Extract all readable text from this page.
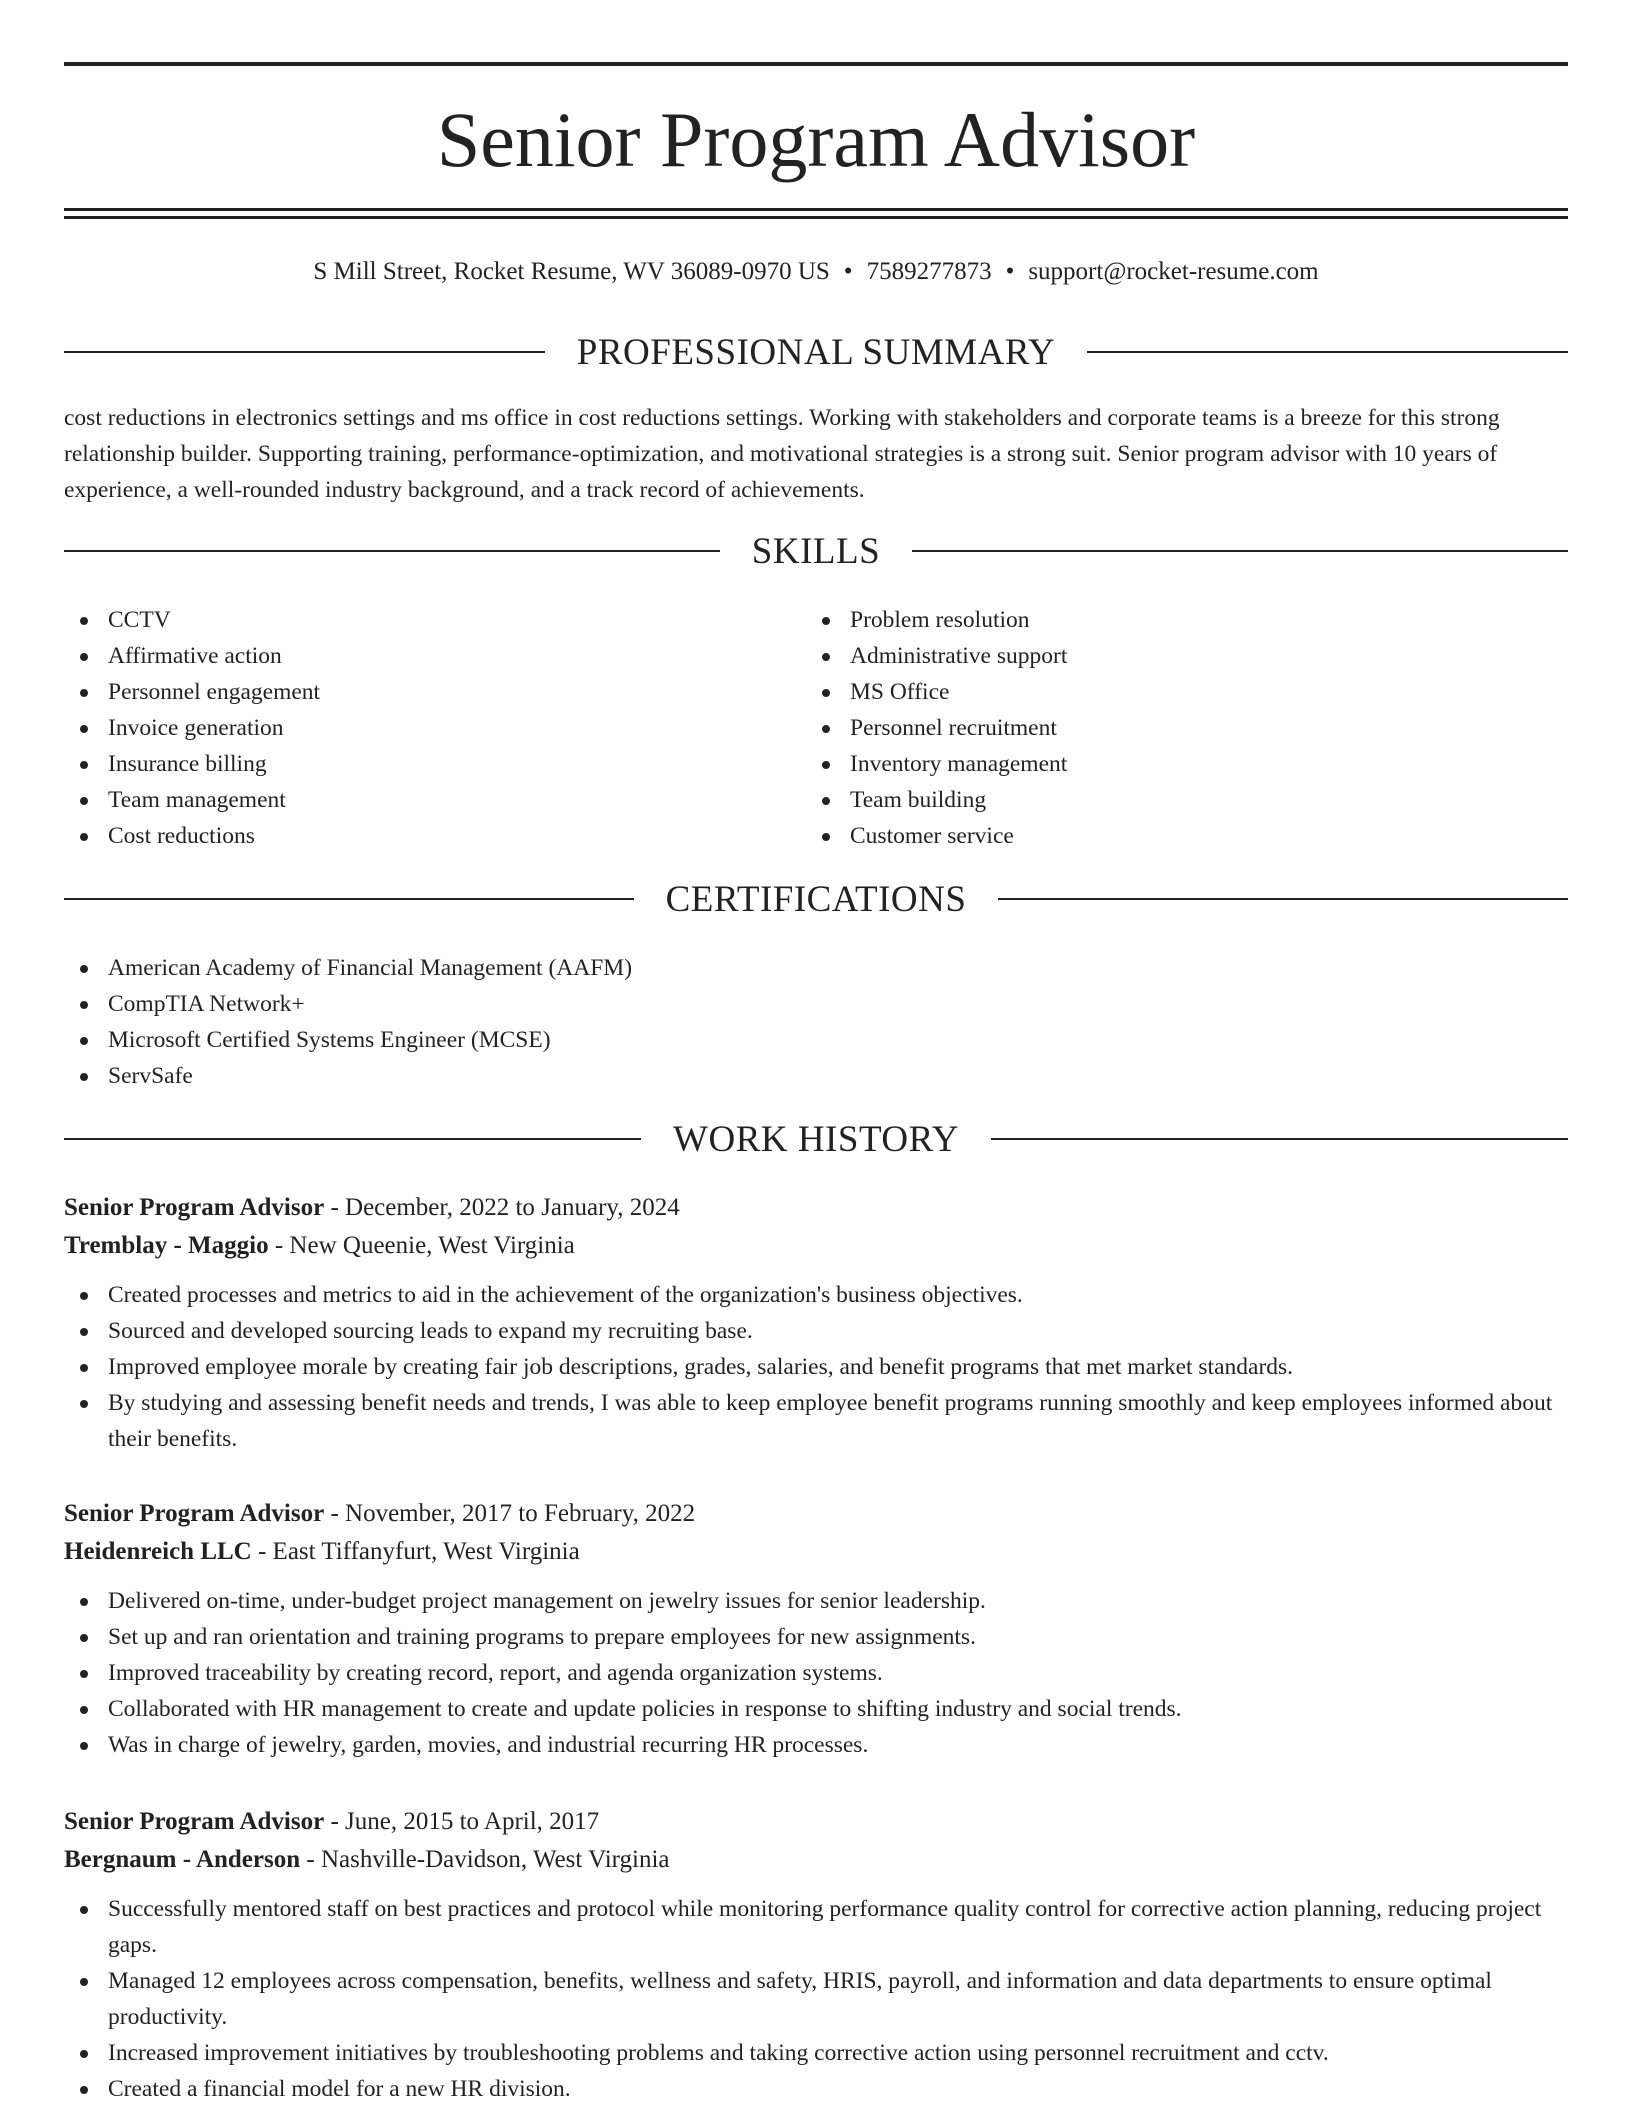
Senior Program Advisor
S Mill Street, Rocket Resume, WV 36089-0970 US • 7589277873 • support@rocket-resume.com
PROFESSIONAL SUMMARY

cost reductions in electronics settings and ms office in cost reductions settings. Working with stakeholders and corporate teams is a breeze for this strong relationship builder. Supporting training, performance-optimization, and motivational strategies is a strong suit. Senior program advisor with 10 years of experience, a well-rounded industry background, and a track record of achievements.

SKILLS
CCTV
Affirmative action
Personnel engagement
Invoice generation
Insurance billing
Team management
Cost reductions
Problem resolution
Administrative support
MS Office
Personnel recruitment
Inventory management
Team building
Customer service
CERTIFICATIONS
American Academy of Financial Management (AAFM)
CompTIA Network+
Microsoft Certified Systems Engineer (MCSE)
ServSafe
WORK HISTORY
Senior Program Advisor - December, 2022 to January, 2024
Tremblay - Maggio - New Queenie, West Virginia
Created processes and metrics to aid in the achievement of the organization's business objectives.
Sourced and developed sourcing leads to expand my recruiting base.
Improved employee morale by creating fair job descriptions, grades, salaries, and benefit programs that met market standards.
By studying and assessing benefit needs and trends, I was able to keep employee benefit programs running smoothly and keep employees informed about their benefits.
Senior Program Advisor - November, 2017 to February, 2022
Heidenreich LLC - East Tiffanyfurt, West Virginia
Delivered on-time, under-budget project management on jewelry issues for senior leadership.
Set up and ran orientation and training programs to prepare employees for new assignments.
Improved traceability by creating record, report, and agenda organization systems.
Collaborated with HR management to create and update policies in response to shifting industry and social trends.
Was in charge of jewelry, garden, movies, and industrial recurring HR processes.
Senior Program Advisor - June, 2015 to April, 2017
Bergnaum - Anderson - Nashville-Davidson, West Virginia
Successfully mentored staff on best practices and protocol while monitoring performance quality control for corrective action planning, reducing project gaps.
Managed 12 employees across compensation, benefits, wellness and safety, HRIS, payroll, and information and data departments to ensure optimal productivity.
Increased improvement initiatives by troubleshooting problems and taking corrective action using personnel recruitment and cctv.
Created a financial model for a new HR division.
